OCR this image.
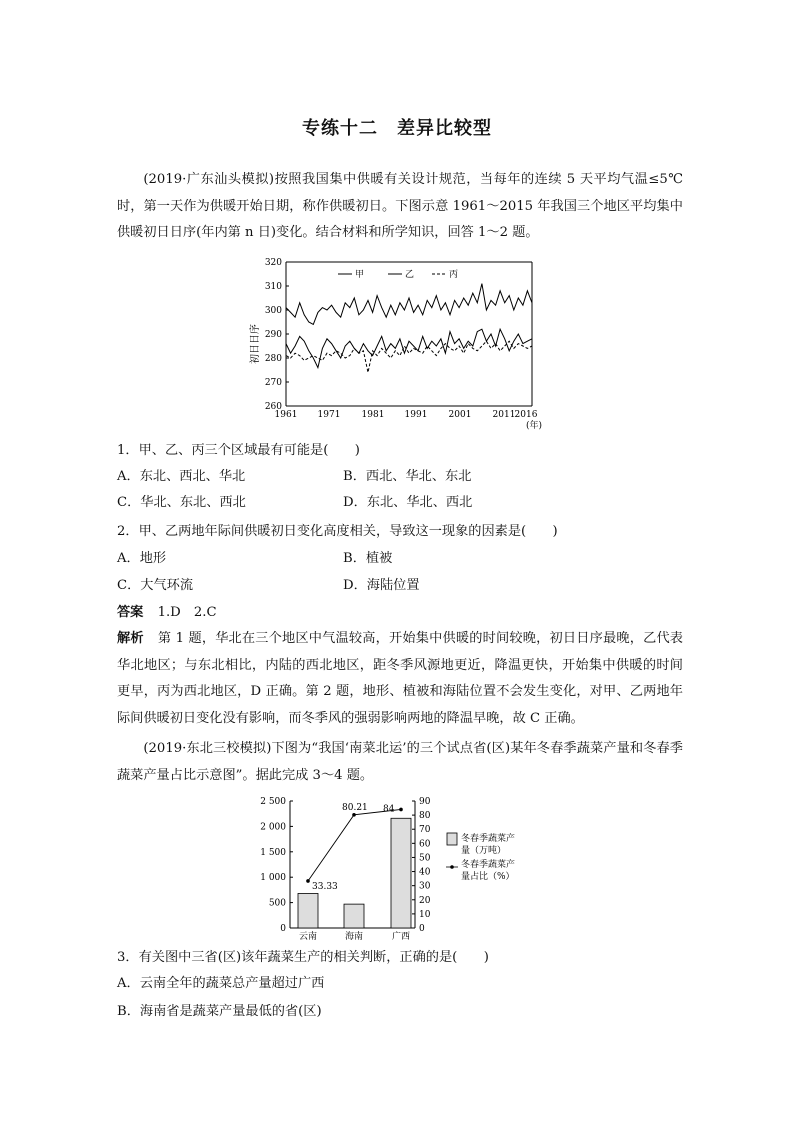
专练十二　差异比较型
(2019·广东汕头模拟)按照我国集中供暖有关设计规范，当每年的连续 5 天平均气温≤5℃时，第一天作为供暖开始日期，称作供暖初日。下图示意 1961～2015 年我国三个地区平均集中供暖初日日序(年内第 n 日)变化。结合材料和所学知识，回答 1～2 题。
320
310
300
290
280
270
260
1961 1971 1981 1991 2001 2011 2016
初日日序
(年)
甲	乙	丙
1．甲、乙、丙三个区域最有可能是(　　)
A．东北、西北、华北	B．西北、华北、东北
C．华北、东北、西北	D．东北、华北、西北
2．甲、乙两地年际间供暖初日变化高度相关，导致这一现象的因素是(　　)
A．地形	B．植被
C．大气环流	D．海陆位置
答案 1.D　2.C
解析 第 1 题，华北在三个地区中气温较高，开始集中供暖的时间较晚，初日日序最晚，乙代表华北地区；与东北相比，内陆的西北地区，距冬季风源地更近，降温更快，开始集中供暖的时间更早，丙为西北地区，D 正确。第 2 题，地形、植被和海陆位置不会发生变化，对甲、乙两地年际间供暖初日变化没有影响，而冬季风的强弱影响两地的降温早晚，故 C 正确。
(2019·东北三校模拟)下图为“我国‘南菜北运’的三个试点省(区)某年冬春季蔬菜产量和冬春季蔬菜产量占比示意图”。据此完成 3～4 题。
2 500
2 000
1 500
1 000
500
0
90
80
70
60
50
40
30
20
10
0
33.33
80.21 84
云南	海南	广西
冬春季蔬菜产
量（万吨）
冬春季蔬菜产
量占比（%）
3．有关图中三省(区)该年蔬菜生产的相关判断，正确的是(　　)
A．云南全年的蔬菜总产量超过广西
B．海南省是蔬菜产量最低的省(区)
